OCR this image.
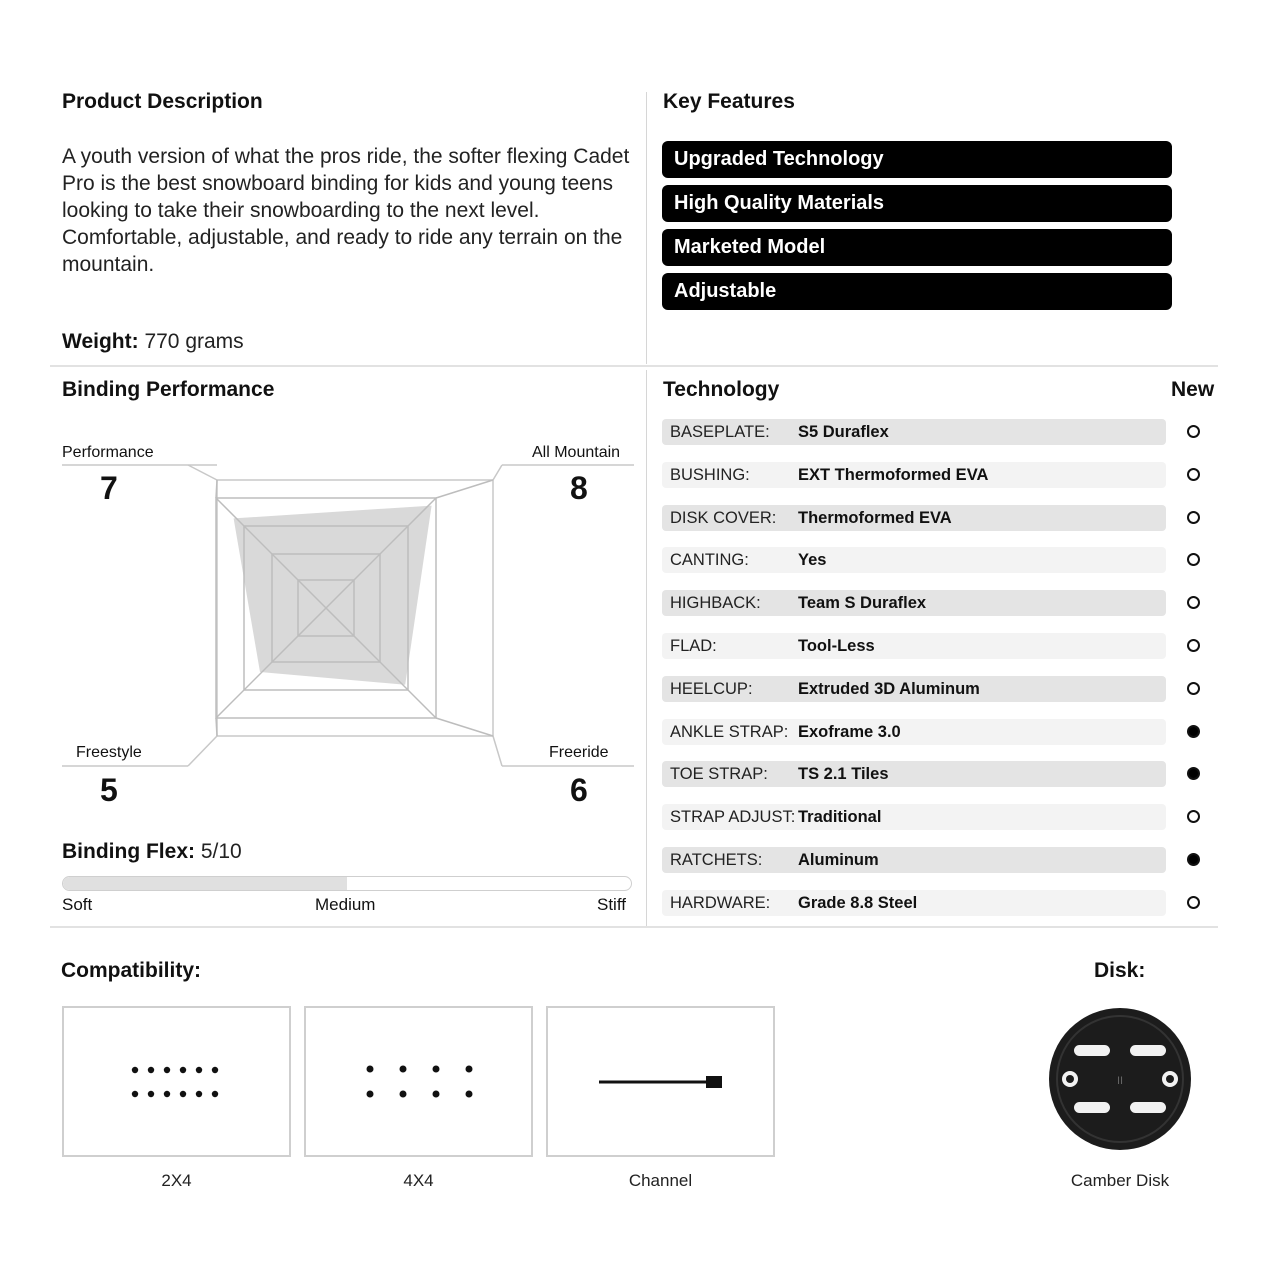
Product Description
A youth version of what the pros ride, the softer flexing Cadet Pro is the best snowboard binding for kids and young teens looking to take their snowboarding to the next level. Comfortable, adjustable, and ready to ride any terrain on the mountain.
Weight: 770 grams
Key Features
Upgraded Technology
High Quality Materials
Marketed Model
Adjustable
Binding Performance
Performance
7
All Mountain
8
Freestyle
5
Freeride
6
Binding Flex: 5/10
Soft	Medium	Stiff
Technology	New
BASEPLATE: S5 Duraflex
BUSHING:	EXT Thermoformed EVA
DISK COVER: Thermoformed EVA
CANTING:	Yes
HIGHBACK: Team S Duraflex
FLAD:	Tool-Less
HEELCUP:	Extruded 3D Aluminum
ANKLE STRAP: Exoframe 3.0
TOE STRAP: TS 2.1 Tiles
STRAP ADJUST: Traditional
RATCHETS: Aluminum
HARDWARE: Grade 8.8 Steel
Compatibility:
2X4	4X4	Channel
Disk:
II
Camber Disk
